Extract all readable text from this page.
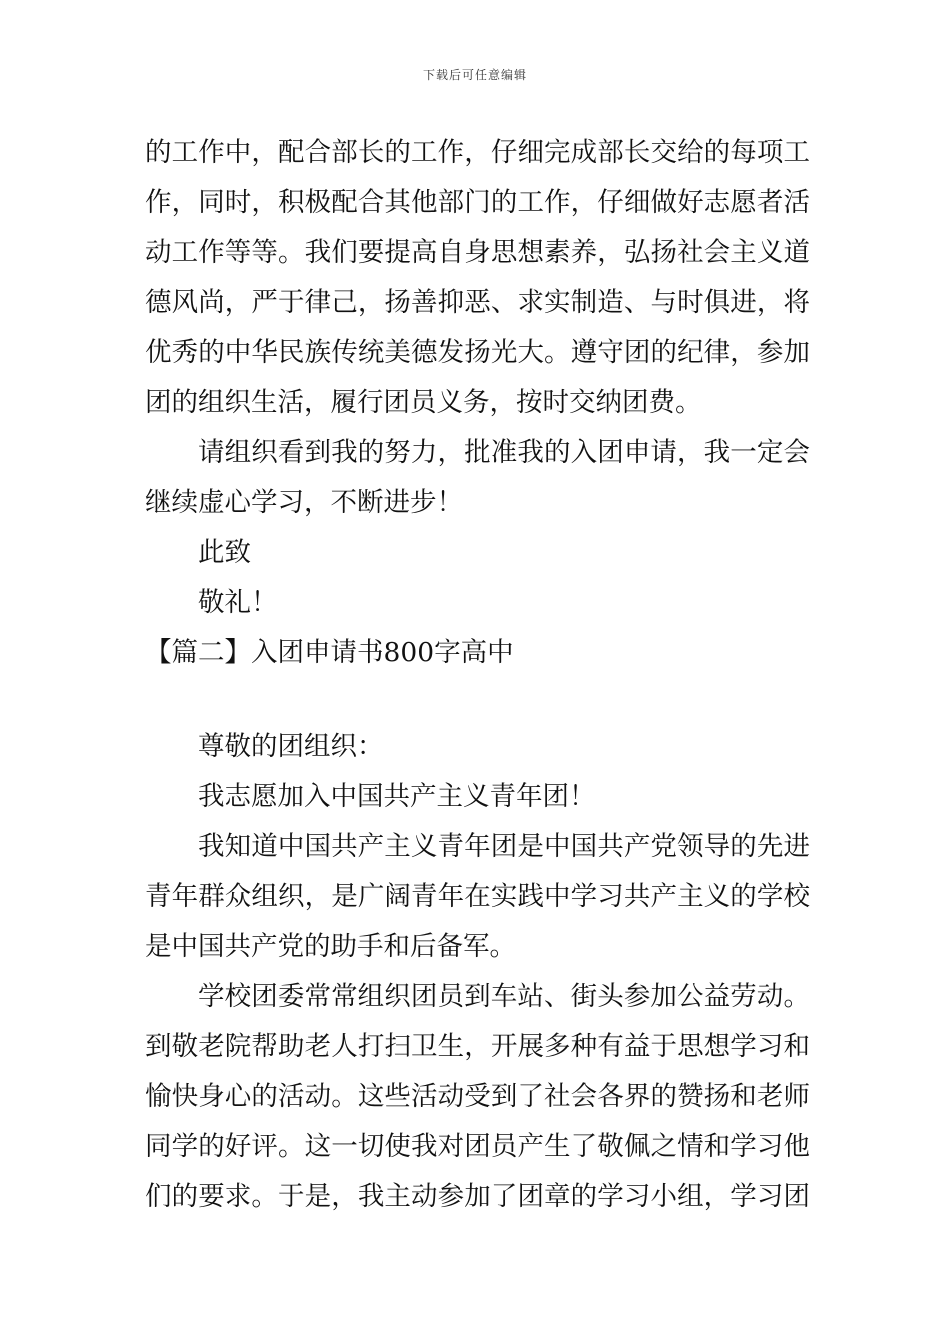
下载后可任意编辑
的工作中，配合部长的工作，仔细完成部长交给的每项工
作，同时，积极配合其他部门的工作，仔细做好志愿者活
动工作等等。我们要提高自身思想素养，弘扬社会主义道
德风尚，严于律己，扬善抑恶、求实制造、与时俱进，将
优秀的中华民族传统美德发扬光大。遵守团的纪律，参加
团的组织生活，履行团员义务，按时交纳团费。
请组织看到我的努力，批准我的入团申请，我一定会
继续虚心学习，不断进步！
此致
敬礼！
【篇二】入团申请书800字高中
尊敬的团组织：
我志愿加入中国共产主义青年团！
我知道中国共产主义青年团是中国共产党领导的先进
青年群众组织，是广阔青年在实践中学习共产主义的学校
是中国共产党的助手和后备军。
学校团委常常组织团员到车站、街头参加公益劳动。
到敬老院帮助老人打扫卫生，开展多种有益于思想学习和
愉快身心的活动。这些活动受到了社会各界的赞扬和老师
同学的好评。这一切使我对团员产生了敬佩之情和学习他
们的要求。于是，我主动参加了团章的学习小组，学习团
